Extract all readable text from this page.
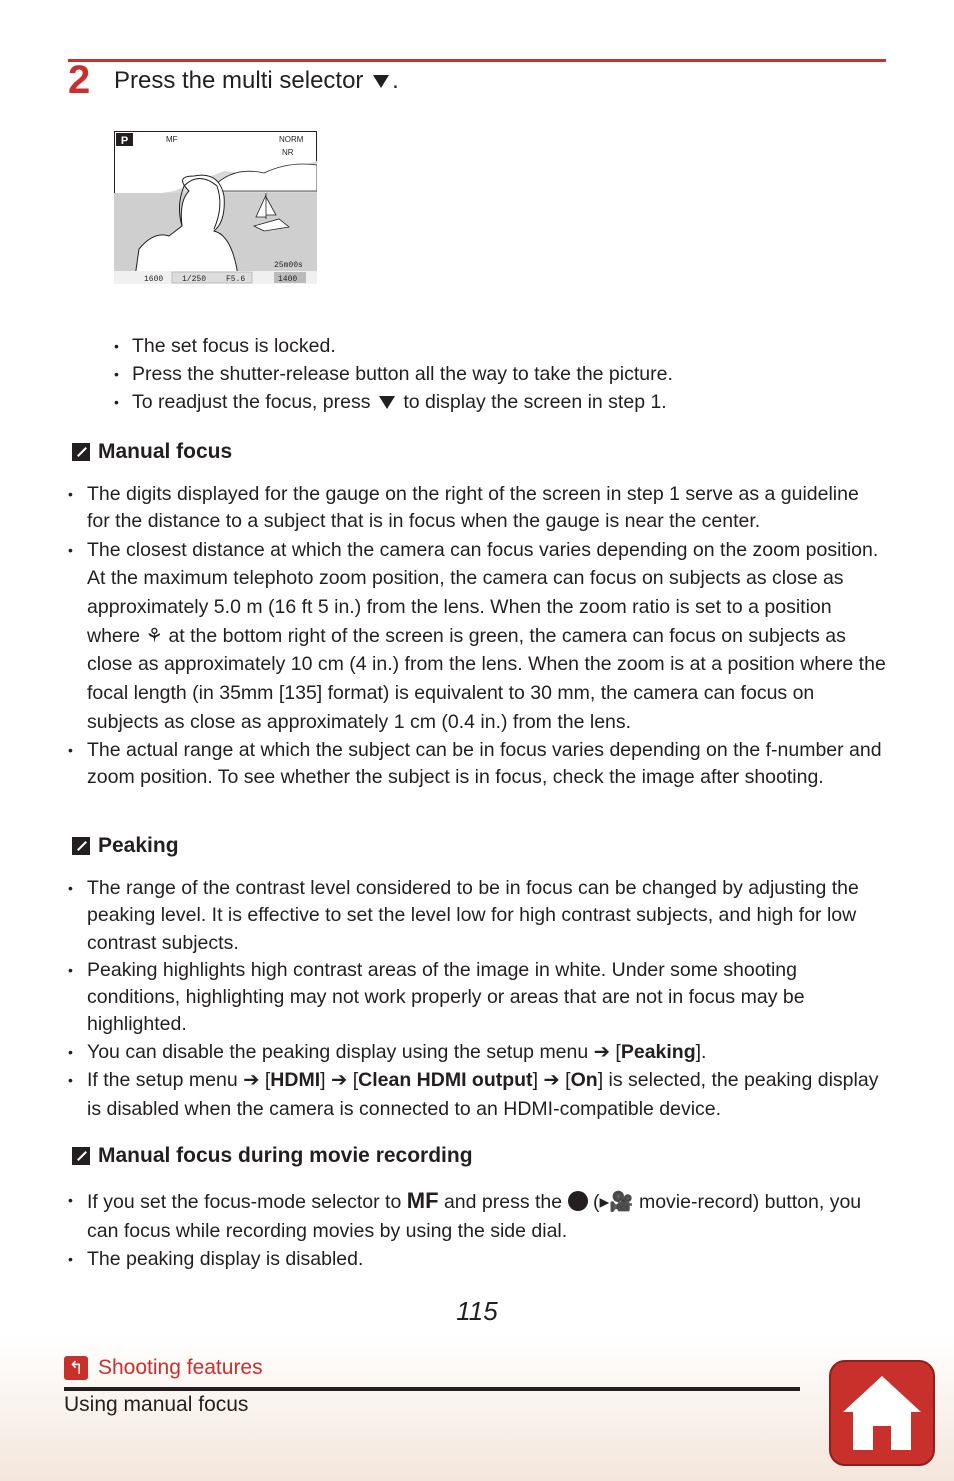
2 Press the multi selector .
P	MF	NORM
NR
25m00s
1600 1/250 F5.6	1400
• The set focus is locked.
• Press the shutter-release button all the way to take the picture.
• To readjust the focus, press to display the screen in step 1.
Manual focus
• The digits displayed for the gauge on the right of the screen in step 1 serve as a guideline for the distance to a subject that is in focus when the gauge is near the center.
• The closest distance at which the camera can focus varies depending on the zoom position. At the maximum telephoto zoom position, the camera can focus on subjects as close as approximately 5.0 m (16 ft 5 in.) from the lens. When the zoom ratio is set to a position where ⚘ at the bottom right of the screen is green, the camera can focus on subjects as close as approximately 10 cm (4 in.) from the lens. When the zoom is at a position where the focal length (in 35mm [135] format) is equivalent to 30 mm, the camera can focus on subjects as close as approximately 1 cm (0.4 in.) from the lens.
• The actual range at which the subject can be in focus varies depending on the f-number and zoom position. To see whether the subject is in focus, check the image after shooting.
Peaking
• The range of the contrast level considered to be in focus can be changed by adjusting the peaking level. It is effective to set the level low for high contrast subjects, and high for low contrast subjects.
• Peaking highlights high contrast areas of the image in white. Under some shooting conditions, highlighting may not work properly or areas that are not in focus may be highlighted.
• You can disable the peaking display using the setup menu ➔ [Peaking].
• If the setup menu ➔ [HDMI] ➔ [Clean HDMI output] ➔ [On] is selected, the peaking display is disabled when the camera is connected to an HDMI-compatible device.
Manual focus during movie recording
• If you set the focus-mode selector to MF and press the  (▸🎥 movie-record) button, you can focus while recording movies by using the side dial.
• The peaking display is disabled.
115
↰ Shooting features
Using manual focus
